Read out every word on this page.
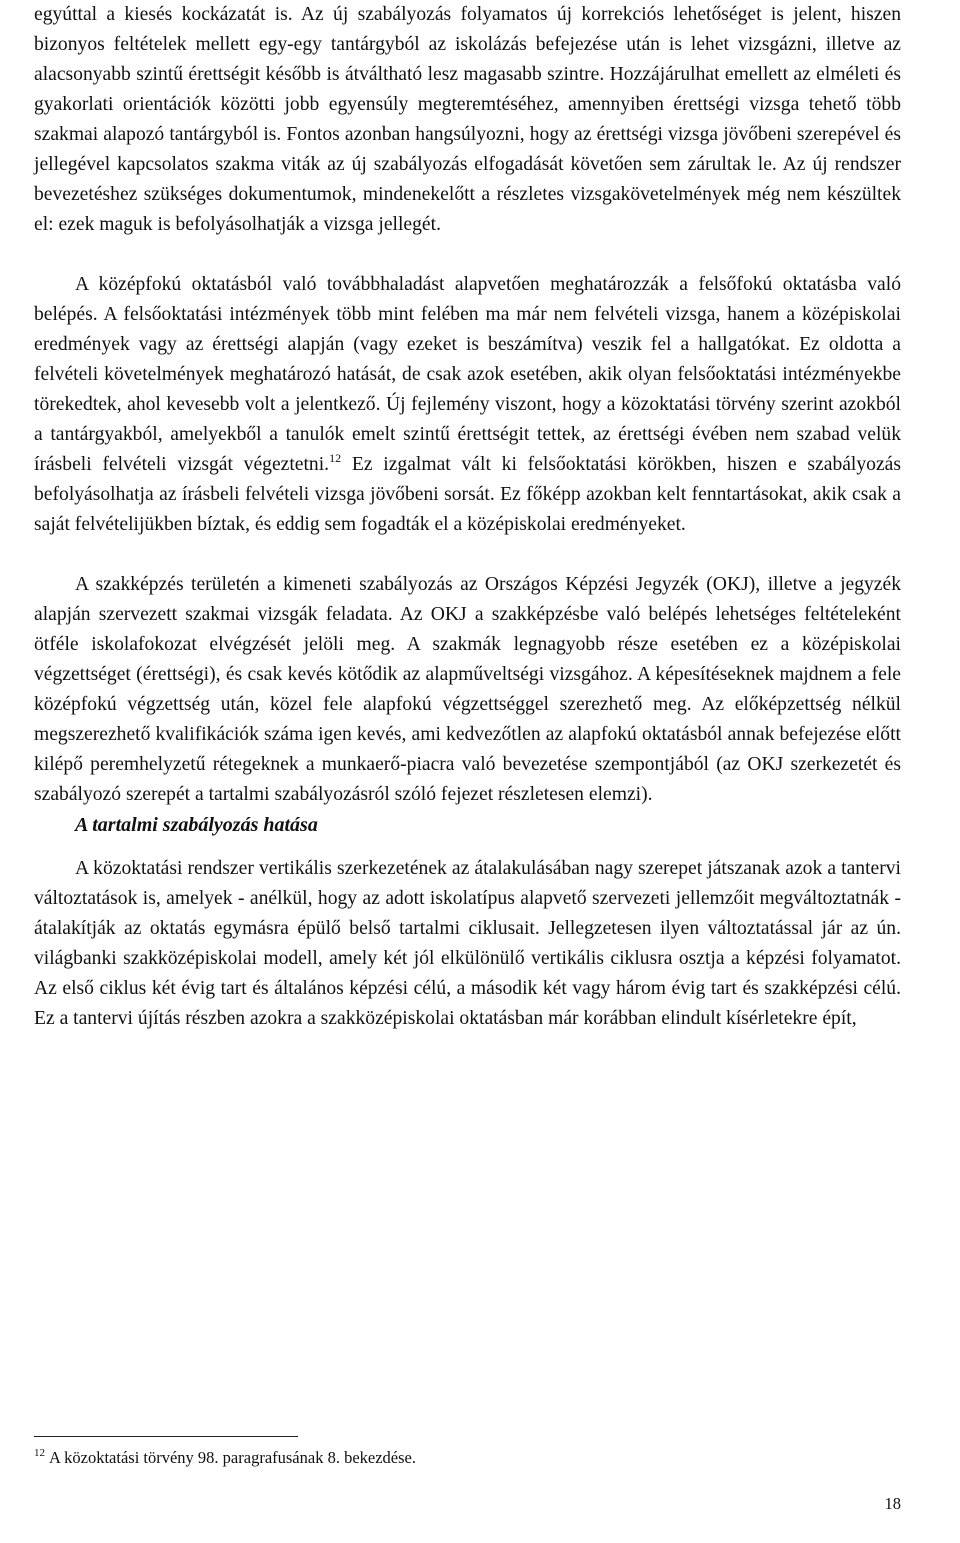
egyúttal a kiesés kockázatát is. Az új szabályozás folyamatos új korrekciós lehetőséget is jelent, hiszen bizonyos feltételek mellett egy-egy tantárgyból az iskolázás befejezése után is lehet vizsgázni, illetve az alacsonyabb szintű érettségit később is átváltható lesz magasabb szintre. Hozzájárulhat emellett az elméleti és gyakorlati orientációk közötti jobb egyensúly megteremtéséhez, amennyiben érettségi vizsga tehető több szakmai alapozó tantárgyból is. Fontos azonban hangsúlyozni, hogy az érettségi vizsga jövőbeni szerepével és jellegével kapcsolatos szakma viták az új szabályozás elfogadását követően sem zárultak le. Az új rendszer bevezetéshez szükséges dokumentumok, mindenekelőtt a részletes vizsgakövetelmények még nem készültek el: ezek maguk is befolyásolhatják a vizsga jellegét.

A középfokú oktatásból való továbbhaladást alapvetően meghatározzák a felsőfokú oktatásba való belépés. A felsőoktatási intézmények több mint felében ma már nem felvételi vizsga, hanem a középiskolai eredmények vagy az érettségi alapján (vagy ezeket is beszámítva) veszik fel a hallgatókat. Ez oldotta a felvételi követelmények meghatározó hatását, de csak azok esetében, akik olyan felsőoktatási intézményekbe törekedtek, ahol kevesebb volt a jelentkező. Új fejlemény viszont, hogy a közoktatási törvény szerint azokból a tantárgyakból, amelyekből a tanulók emelt szintű érettségit tettek, az érettségi évében nem szabad velük írásbeli felvételi vizsgát végeztetni.$^{12}$ Ez izgalmat vált ki felsőoktatási körökben, hiszen e szabályozás befolyásolhatja az írásbeli felvételi vizsga jövőbeni sorsát. Ez főképp azokban kelt fenntartásokat, akik csak a saját felvételijükben bíztak, és eddig sem fogadták el a középiskolai eredményeket.

A szakképzés területén a kimeneti szabályozás az Országos Képzési Jegyzék (OKJ), illetve a jegyzék alapján szervezett szakmai vizsgák feladata. Az OKJ a szakképzésbe való belépés lehetséges feltételeként ötféle iskolafokozat elvégzését jelöli meg. A szakmák legnagyobb része esetében ez a középiskolai végzettséget (érettségi), és csak kevés kötődik az alapműveltségi vizsgához. A képesítéseknek majdnem a fele középfokú végzettség után, közel fele alapfokú végzettséggel szerezhető meg. Az előképzettség nélkül megszerezhető kvalifikációk száma igen kevés, ami kedvezőtlen az alapfokú oktatásból annak befejezése előtt kilépő peremhelyzetű rétegeknek a munkaerő-piacra való bevezetése szempontjából (az OKJ szerkezetét és szabályozó szerepét a tartalmi szabályozásról szóló fejezet részletesen elemzi).

A tartalmi szabályozás hatása

A közoktatási rendszer vertikális szerkezetének az átalakulásában nagy szerepet játszanak azok a tantervi változtatások is, amelyek - anélkül, hogy az adott iskolatípus alapvető szervezeti jellemzőit megváltoztatnák - átalakítják az oktatás egymásra épülő belső tartalmi ciklusait. Jellegzetesen ilyen változtatással jár az ún. világbanki szakközépiskolai modell, amely két jól elkülönülő vertikális ciklusra osztja a képzési folyamatot. Az első ciklus két évig tart és általános képzési célú, a második két vagy három évig tart és szakképzési célú. Ez a tantervi újítás részben azokra a szakközépiskolai oktatásban már korábban elindult kísérletekre épít,

$^{12}$ A közoktatási törvény 98. paragrafusának 8. bekezdése.
18
